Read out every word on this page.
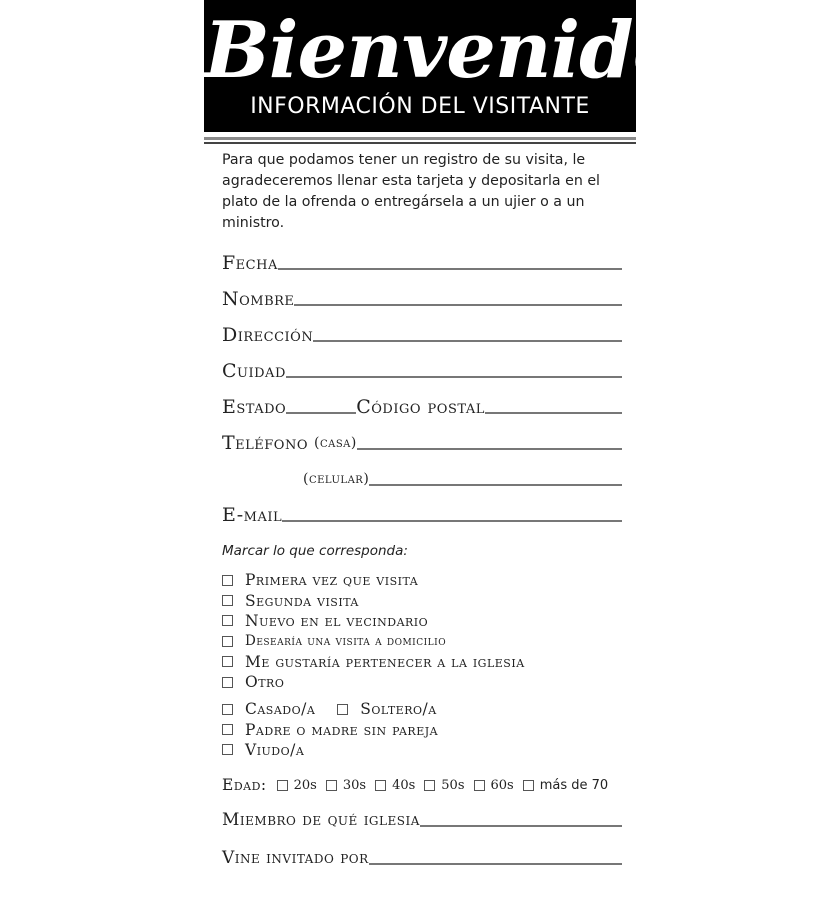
Bienvenido
INFORMACIÓN DEL VISITANTE
Para que podamos tener un registro de su visita, le agradeceremos llenar esta tarjeta y depositarla en el plato de la ofrenda o entregársela a un ujier o a un ministro.
Fecha
Nombre
Dirección
Cuidad
Estado	Código postal
Teléfono (casa)
(celular)
E-mail
Marcar lo que corresponda:
Primera vez que visita
Segunda visita
Nuevo en el vecindario
Desearía una visita a domicilio
Me gustaría pertenecer a la iglesia
Otro
Casado/a	Soltero/a
Padre o madre sin pareja
Viudo/a
Edad: 20s 30s 40s 50s 60s más de 70
Miembro de qué iglesia
Vine invitado por
